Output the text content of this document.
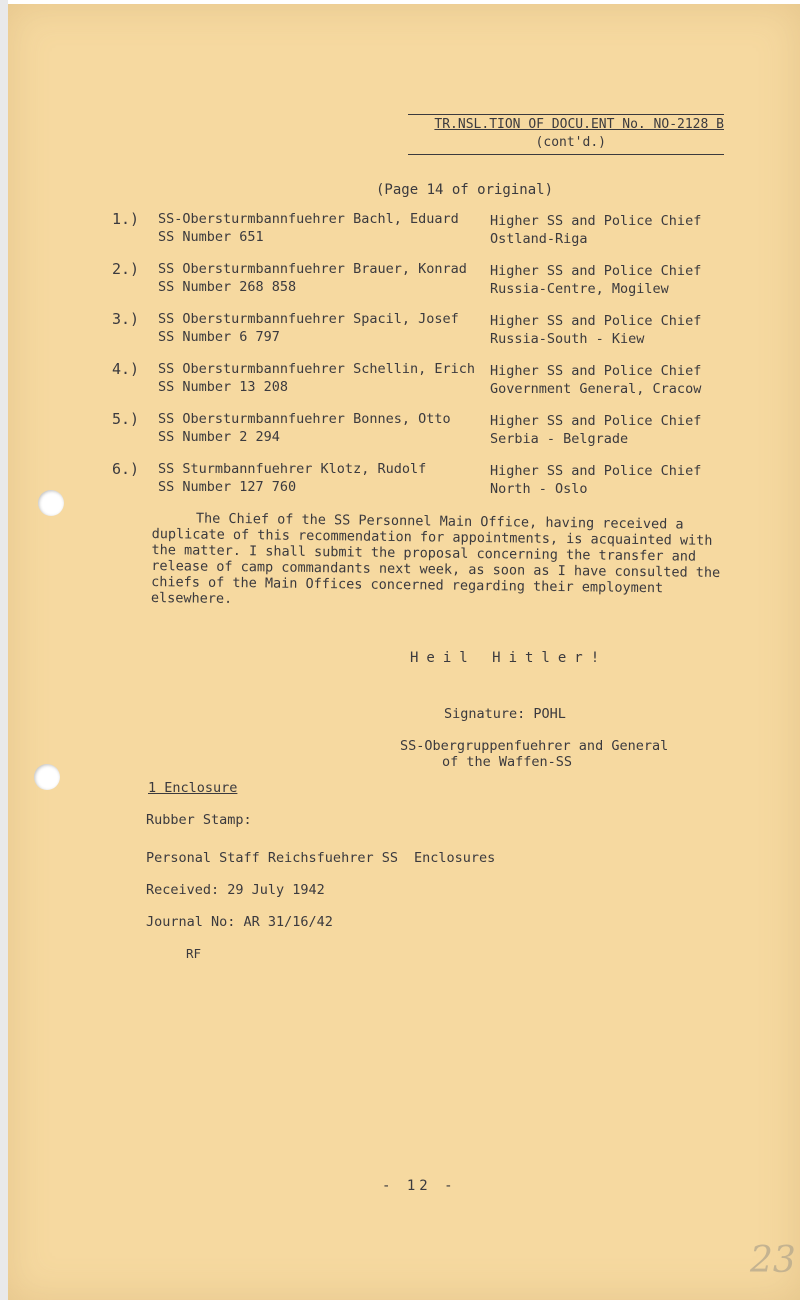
TR.NSL.TION OF DOCU.ENT No. NO-2128 B
(cont'd.)
(Page 14 of original)
1.) SS-Obersturmbannfuehrer Bachl, Eduard
SS Number 651
Higher SS and Police Chief
Ostland-Riga
2.) SS Obersturmbannfuehrer Brauer, Konrad
SS Number 268 858
Higher SS and Police Chief
Russia-Centre, Mogilew
3.) SS Obersturmbannfuehrer Spacil, Josef
SS Number 6 797
Higher SS and Police Chief
Russia-South - Kiew
4.) SS Obersturmbannfuehrer Schellin, Erich
SS Number 13 208
Higher SS and Police Chief
Government General, Cracow
5.) SS Obersturmbannfuehrer Bonnes, Otto
SS Number 2 294
Higher SS and Police Chief
Serbia - Belgrade
6.) SS Sturmbannfuehrer Klotz, Rudolf
SS Number 127 760
Higher SS and Police Chief
North - Oslo

The Chief of the SS Personnel Main Office, having received a duplicate of this recommendation for appointments, is acquainted with the matter. I shall submit the proposal concerning the transfer and release of camp commandants next week, as soon as I have consulted the chiefs of the Main Offices concerned regarding their employment elsewhere.

Heil Hitler!
Signature: POHL
SS-Obergruppenfuehrer and General
of the Waffen-SS
1 Enclosure
Rubber Stamp:
Personal Staff Reichsfuehrer SS Enclosures
Received: 29 July 1942
Journal No: AR 31/16/42
RF
- 12 -
23
